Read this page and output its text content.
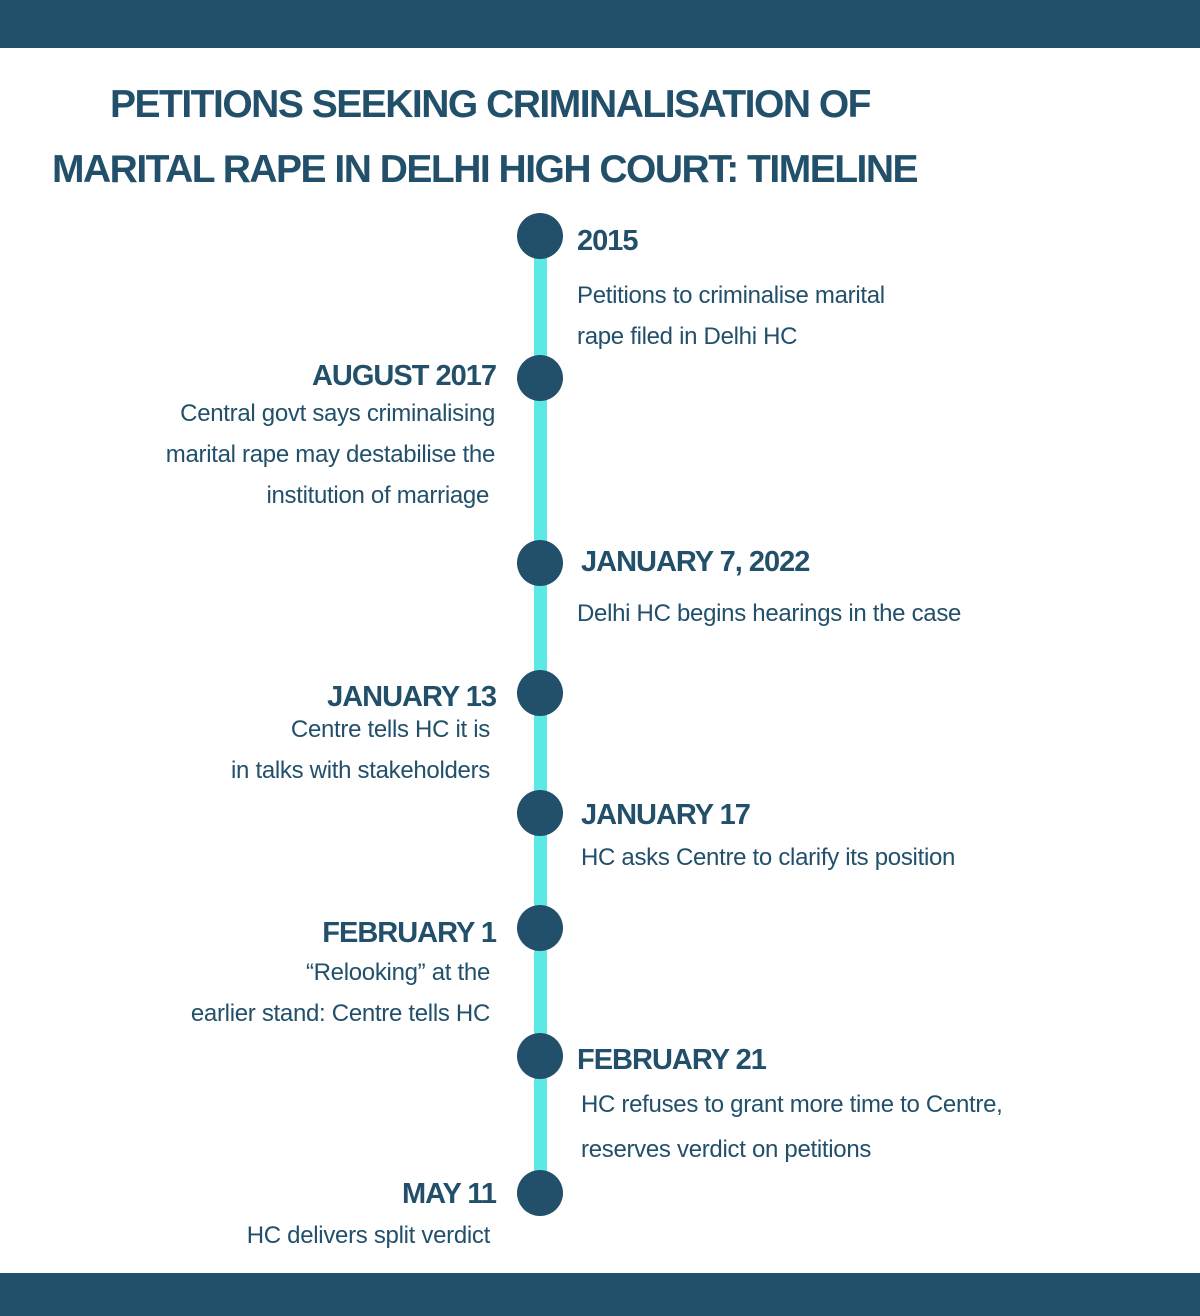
PETITIONS SEEKING CRIMINALISATION OF
MARITAL RAPE IN DELHI HIGH COURT: TIMELINE
2015
Petitions to criminalise marital
rape filed in Delhi HC
AUGUST 2017
Central govt says criminalising
marital rape may destabilise the
institution of marriage
JANUARY 7, 2022
Delhi HC begins hearings in the case
JANUARY 13
Centre tells HC it is
in talks with stakeholders
JANUARY 17
HC asks Centre to clarify its position
FEBRUARY 1
“Relooking” at the
earlier stand: Centre tells HC
FEBRUARY 21
HC refuses to grant more time to Centre,
reserves verdict on petitions
MAY 11
HC delivers split verdict
